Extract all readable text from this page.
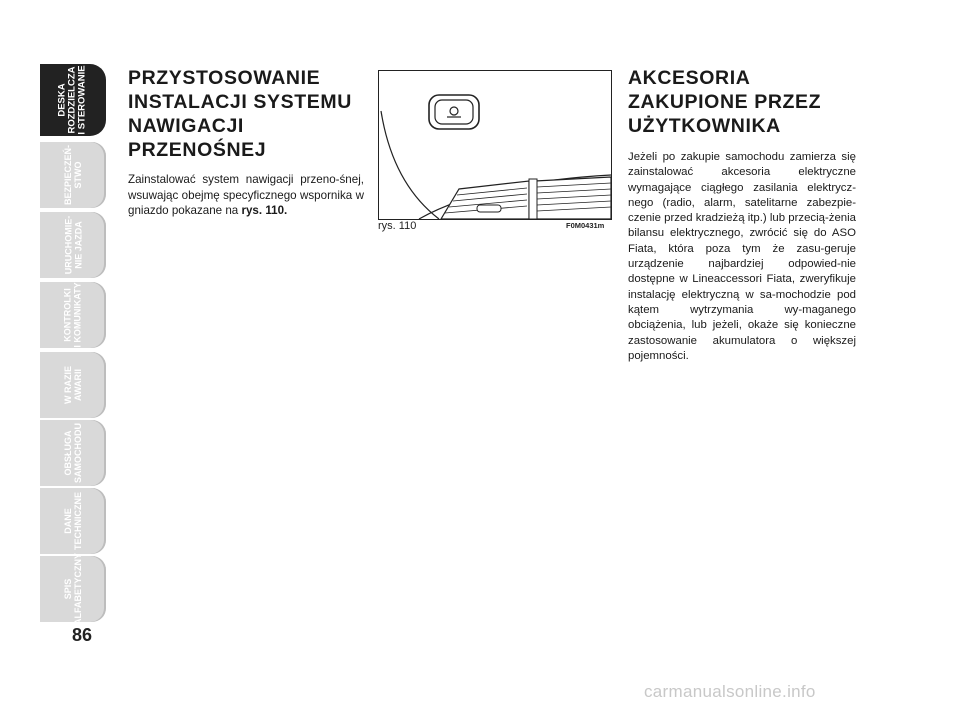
DESKA
ROZDZIELCZA
I STEROWANIE
BEZPIECZEŃ-
STWO
URUCHOMIE-
NIE JAZDA
KONTROLKI
I KOMUNIKATY
W RAZIE
AWARII
OBSŁUGA
SAMOCHODU
DANE
TECHNICZNE
SPIS
ALFABETYCZNY
86
PRZYSTOSOWANIE
INSTALACJI SYSTEMU
NAWIGACJI
PRZENOŚNEJ

Zainstalować system nawigacji przeno-śnej, wsuwając obejmę specyficznego wspornika w gniazdo pokazane na rys. 110.

rys. 110	F0M0431m
AKCESORIA
ZAKUPIONE PRZEZ
UŻYTKOWNIKA

Jeżeli po zakupie samochodu zamierza się zainstalować akcesoria elektryczne wymagające ciągłego zasilania elektrycz-nego (radio, alarm, satelitarne zabezpie-czenie przed kradzieżą itp.) lub przecią-żenia bilansu elektrycznego, zwrócić się do ASO Fiata, która poza tym że zasu-geruje urządzenie najbardziej odpowied-nie dostępne w Lineaccessori Fiata, zweryfikuje instalację elektryczną w sa-mochodzie pod kątem wytrzymania wy-maganego obciążenia, lub jeżeli, okaże się konieczne zastosowanie akumulatora o większej pojemności.

carmanualsonline.info
